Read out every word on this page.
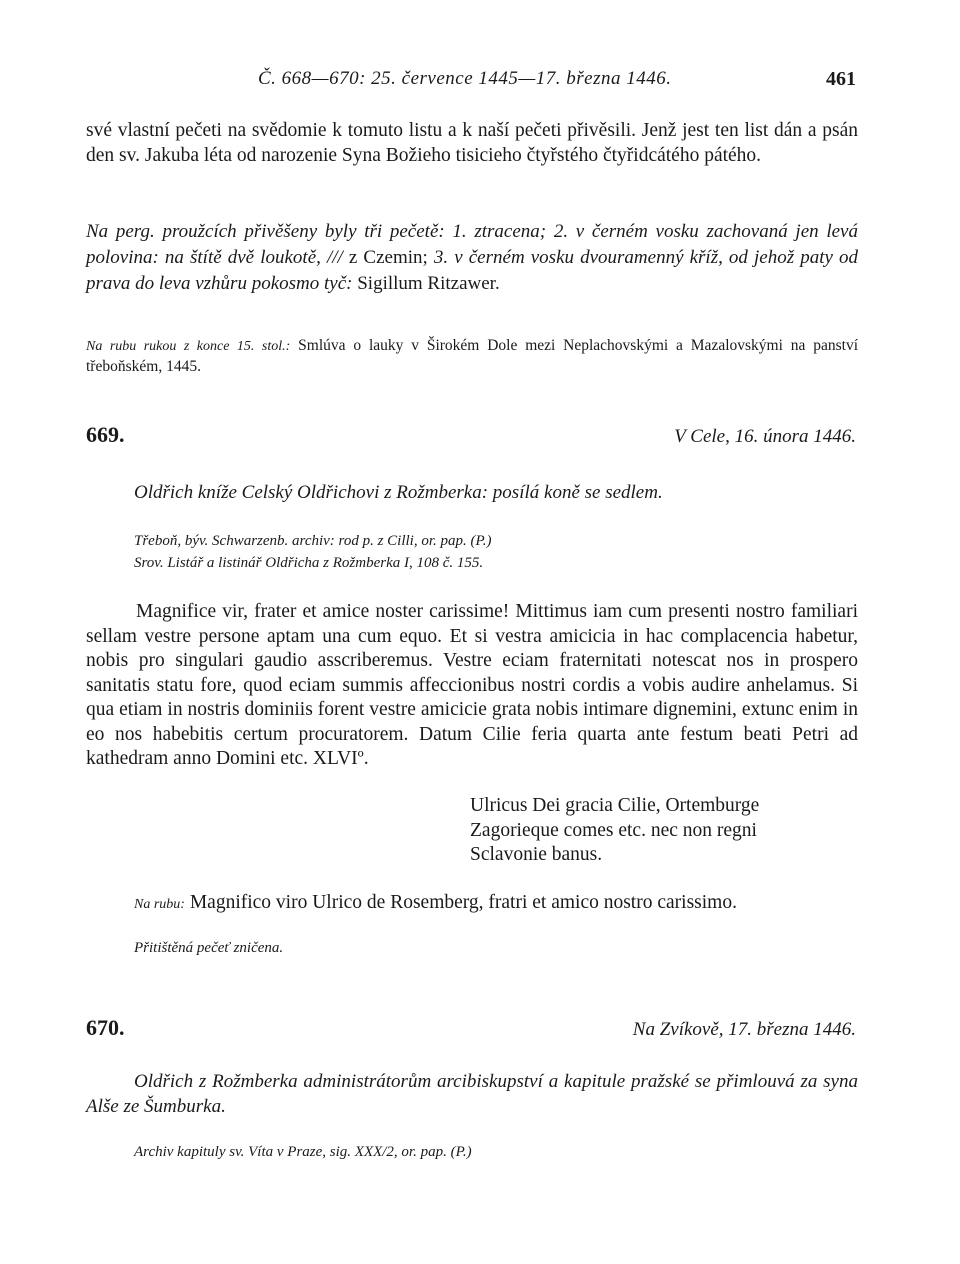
Č. 668—670: 25. července 1445—17. března 1446.	461

své vlastní pečeti na svědomie k tomuto listu a k naší pečeti přivěsili. Jenž jest ten list dán a psán den sv. Jakuba léta od narozenie Syna Božieho tisicieho čtyřstého čtyřidcátého pátého.

Na perg. proužcích přivěšeny byly tři pečetě: 1. ztracena; 2. v černém vosku zachovaná jen levá polovina: na štítě dvě loukotě, /// z Czemin; 3. v černém vosku dvouramenný kříž, od jehož paty od prava do leva vzhůru pokosmo tyč: Sigillum Ritzawer.

Na rubu rukou z konce 15. stol.: Smlúva o lauky v Širokém Dole mezi Neplachovskými a Mazalovskými na panství třeboňském, 1445.

669.	V Cele, 16. února 1446.

Oldřich kníže Celský Oldřichovi z Rožmberka: posílá koně se sedlem.

Třeboň, býv. Schwarzenb. archiv: rod p. z Cilli, or. pap. (P.)
Srov. Listář a listinář Oldřicha z Rožmberka I, 108 č. 155.

Magnifice vir, frater et amice noster carissime! Mittimus iam cum presenti nostro familiari sellam vestre persone aptam una cum equo. Et si vestra amicicia in hac complacencia habetur, nobis pro singulari gaudio asscriberemus. Vestre eciam fraternitati notescat nos in prospero sanitatis statu fore, quod eciam summis affeccionibus nostri cordis a vobis audire anhelamus. Si qua etiam in nostris dominiis forent vestre amicicie grata nobis intimare dignemini, extunc enim in eo nos habebitis certum procuratorem. Datum Cilie feria quarta ante festum beati Petri ad kathedram anno Domini etc. XLVIº.

Ulricus Dei gracia Cilie, Ortemburge
Zagorieque comes etc. nec non regni
Sclavonie banus.

Na rubu: Magnifico viro Ulrico de Rosemberg, fratri et amico nostro carissimo.

Přitištěná pečeť zničena.
670.	Na Zvíkově, 17. března 1446.

Oldřich z Rožmberka administrátorům arcibiskupství a kapitule pražské se přimlouvá za syna Alše ze Šumburka.

Archiv kapituly sv. Víta v Praze, sig. XXX/2, or. pap. (P.)
